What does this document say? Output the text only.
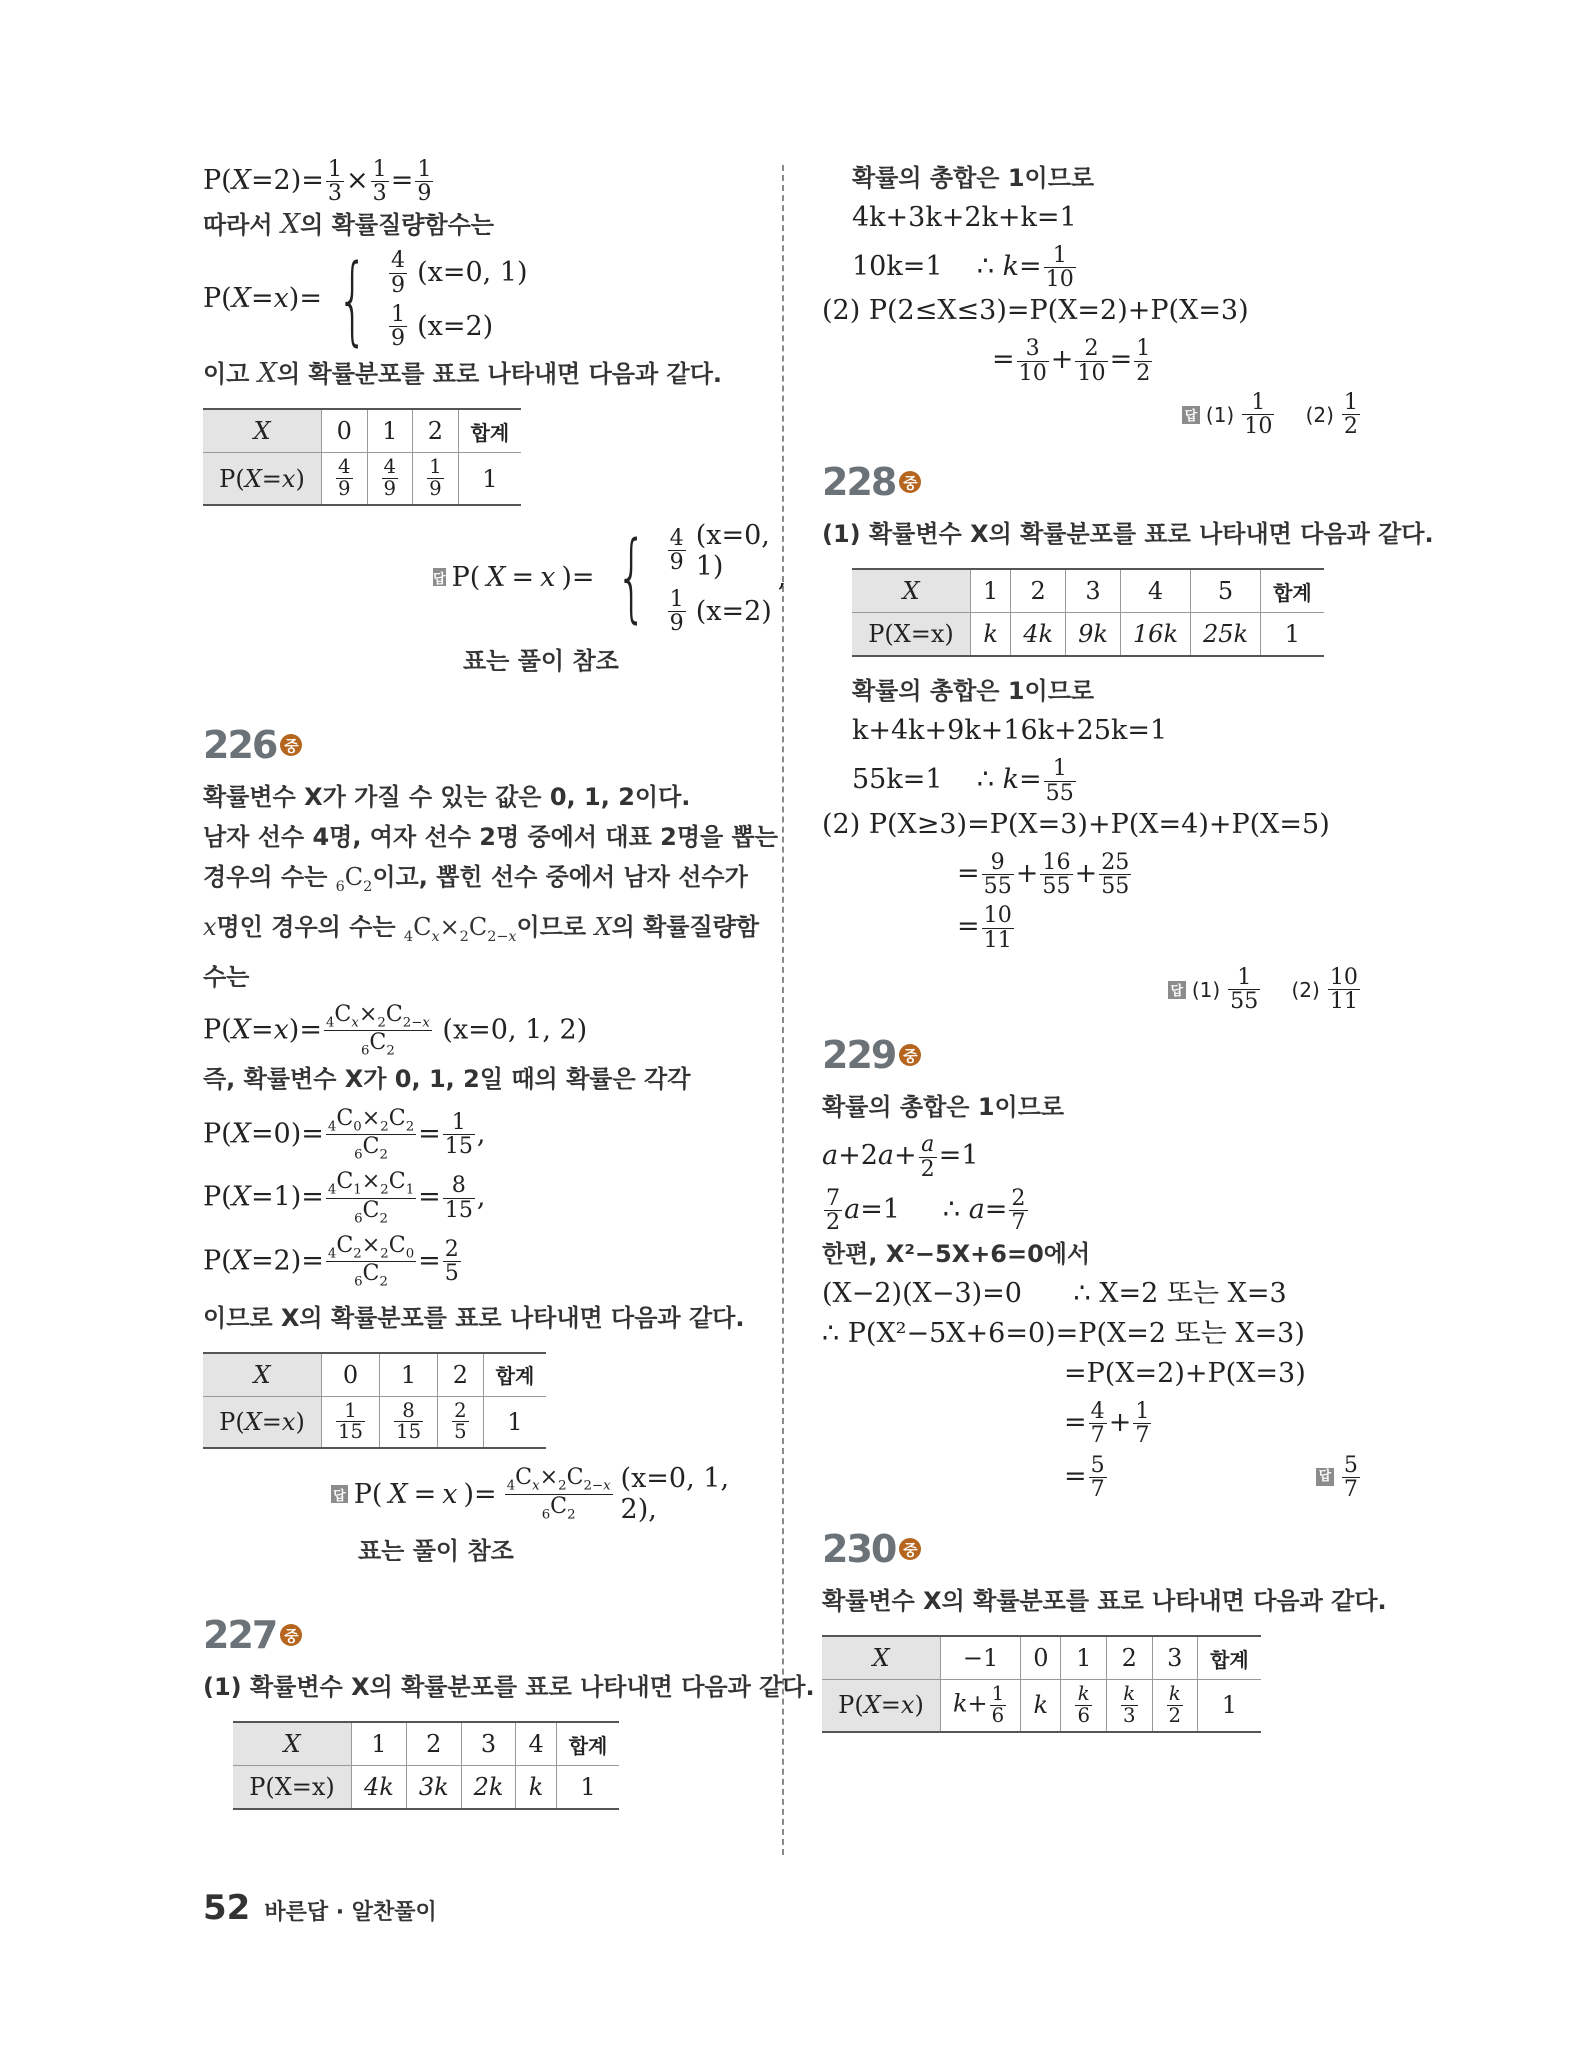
$P(X=2)= \frac{1}{3} \times \frac{1}{3} = \frac{1}{9}$

따라서 X의 확률질량함수는

P(X=x)= { $\frac{4}{9} (x=0$, 1)
$\frac{1}{9} (x=2)$

이고 X의 확률분포를 표로 나타내면 다음과 같다.

X	0	1	2	합계
P(X=x)	$\frac{4}{9}$	$\frac{4}{9}$	$\frac{1}{9}$	1
답 P( X = x )= { $\frac{4}{9} (x=0$, 1)
$\frac{1}{9} (x=2)$
,

표는 풀이 참조

226 중

확률변수 X가 가질 수 있는 값은 0, 1, 2이다.

남자 선수 4명, 여자 선수 2명 중에서 대표 2명을 뽑는

경우의 수는 $_6C_2$이고, 뽑힌 선수 중에서 남자 선수가

x명인 경우의 수는 $_4C_x\times_2C_{2-x}$이므로 X의 확률질량함

수는

$P(X=x)= \frac{_4C_x\times_2C_{2-x}}{_6C_2} (x=0$, 1, 2)

즉, 확률변수 X가 0, 1, 2일 때의 확률은 각각

$P(X=0)= \frac{_4C_0\times_2C_2}{_6C_2} = \frac{1}{15}$ ,

$P(X=1)= \frac{_4C_1\times_2C_1}{_6C_2} = \frac{8}{15}$ ,

$P(X=2)= \frac{_4C_2\times_2C_0}{_6C_2} = \frac{2}{5}$

이므로 X의 확률분포를 표로 나타내면 다음과 같다.

X	0	1	2	합계
P(X=x)	$\frac{1}{15}$	$\frac{8}{15}$	$\frac{2}{5}$	1
답 P( X = x )= $\frac{_4C_x\times_2C_{2-x}}{_6C_2} (x=0$, 1, 2),

표는 풀이 참조

227 중

(1) 확률변수 X의 확률분포를 표로 나타내면 다음과 같다.

X	1	2	3	4	합계
P(X=x)	4k	3k	2k	k	1

확률의 총합은 1이므로

4k+3k+2k+k=1

10k=1 ∴ $k= \frac{1}{10}$

(2) P(2≤X≤3)=P(X=2)+P(X=3)

= $\frac{3}{10} + \frac{2}{10} = \frac{1}{2}$

답 $(1) \frac{1}{10}$
$(2) \frac{1}{2}$
228 중

(1) 확률변수 X의 확률분포를 표로 나타내면 다음과 같다.

X	1	2	3	4	5	합계
P(X=x)	k	4k	9k	16k	25k	1

확률의 총합은 1이므로

k+4k+9k+16k+25k=1

55k=1 ∴ $k= \frac{1}{55}$

(2) P(X≥3)=P(X=3)+P(X=4)+P(X=5)

= $\frac{9}{55} + \frac{16}{55} + \frac{25}{55}$

= $\frac{10}{11}$

답 $(1) \frac{1}{55}$
$(2) \frac{10}{11}$
229 중

확률의 총합은 1이므로

$a+2a+ \frac{a}{2} =1$

$\frac{7}{2} a=1$     ∴ $a= \frac{2}{7}$

한편, X²−5X+6=0에서

(X−2)(X−3)=0 ∴ X=2 또는 X=3

∴ P(X²−5X+6=0)=P(X=2 또는 X=3)

=P(X=2)+P(X=3)

= $\frac{4}{7} + \frac{1}{7}$

= $\frac{5}{7}$	답 $\frac{5}{7}$
230 중

확률변수 X의 확률분포를 표로 나타내면 다음과 같다.

X	−1	0	1	2	3	합계
P(X=x)	$k+ \frac{1}{6}$	k	$\frac{k}{6}$	$\frac{k}{3}$	$\frac{k}{2}$	1
52 바른답 · 알찬풀이
